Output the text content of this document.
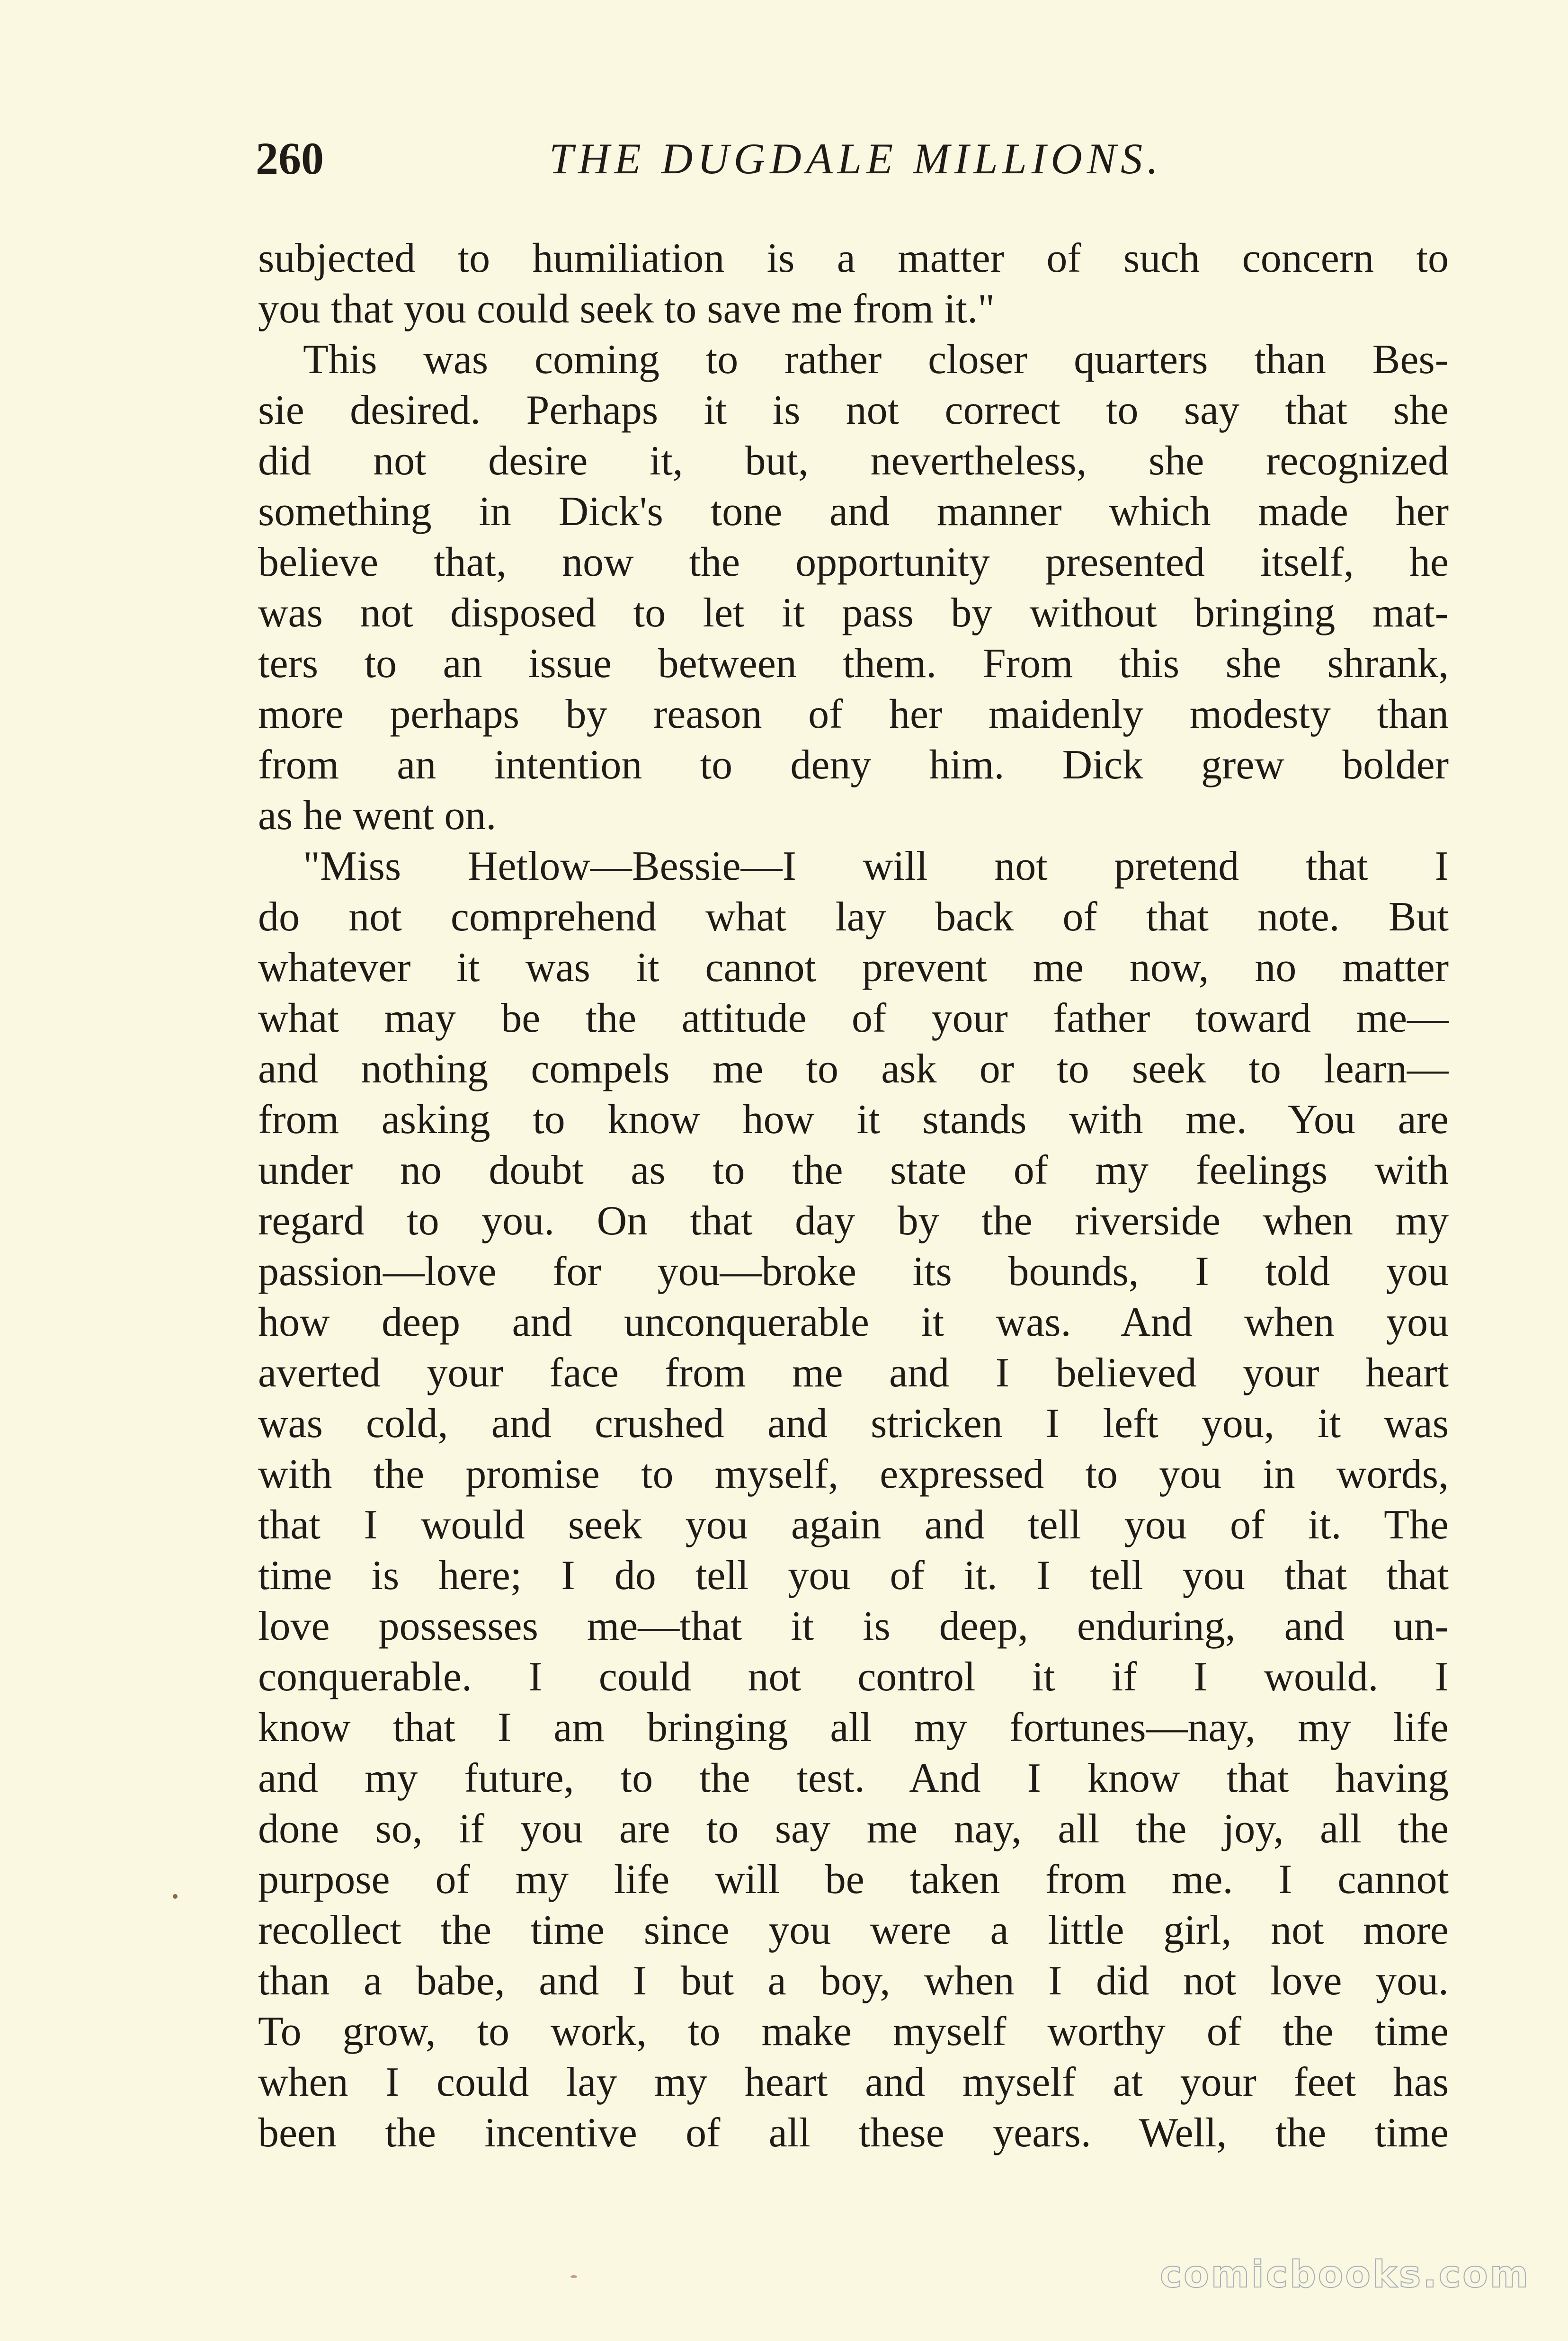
260	THE DUGDALE MILLIONS.
subjected to humiliation is a matter of such concern to
you that you could seek to save me from it."
This was coming to rather closer quarters than Bes-
sie desired. Perhaps it is not correct to say that she
did not desire it, but, nevertheless, she recognized
something in Dick's tone and manner which made her
believe that, now the opportunity presented itself, he
was not disposed to let it pass by without bringing mat-
ters to an issue between them. From this she shrank,
more perhaps by reason of her maidenly modesty than
from an intention to deny him. Dick grew bolder
as he went on.
"Miss Hetlow—Bessie—I will not pretend that I
do not comprehend what lay back of that note. But
whatever it was it cannot prevent me now, no matter
what may be the attitude of your father toward me—
and nothing compels me to ask or to seek to learn—
from asking to know how it stands with me. You are
under no doubt as to the state of my feelings with
regard to you. On that day by the riverside when my
passion—love for you—broke its bounds, I told you
how deep and unconquerable it was. And when you
averted your face from me and I believed your heart
was cold, and crushed and stricken I left you, it was
with the promise to myself, expressed to you in words,
that I would seek you again and tell you of it. The
time is here; I do tell you of it. I tell you that that
love possesses me—that it is deep, enduring, and un-
conquerable. I could not control it if I would. I
know that I am bringing all my fortunes—nay, my life
and my future, to the test. And I know that having
done so, if you are to say me nay, all the joy, all the
purpose of my life will be taken from me. I cannot
recollect the time since you were a little girl, not more
than a babe, and I but a boy, when I did not love you.
To grow, to work, to make myself worthy of the time
when I could lay my heart and myself at your feet has
been the incentive of all these years. Well, the time
comicbooks.com
